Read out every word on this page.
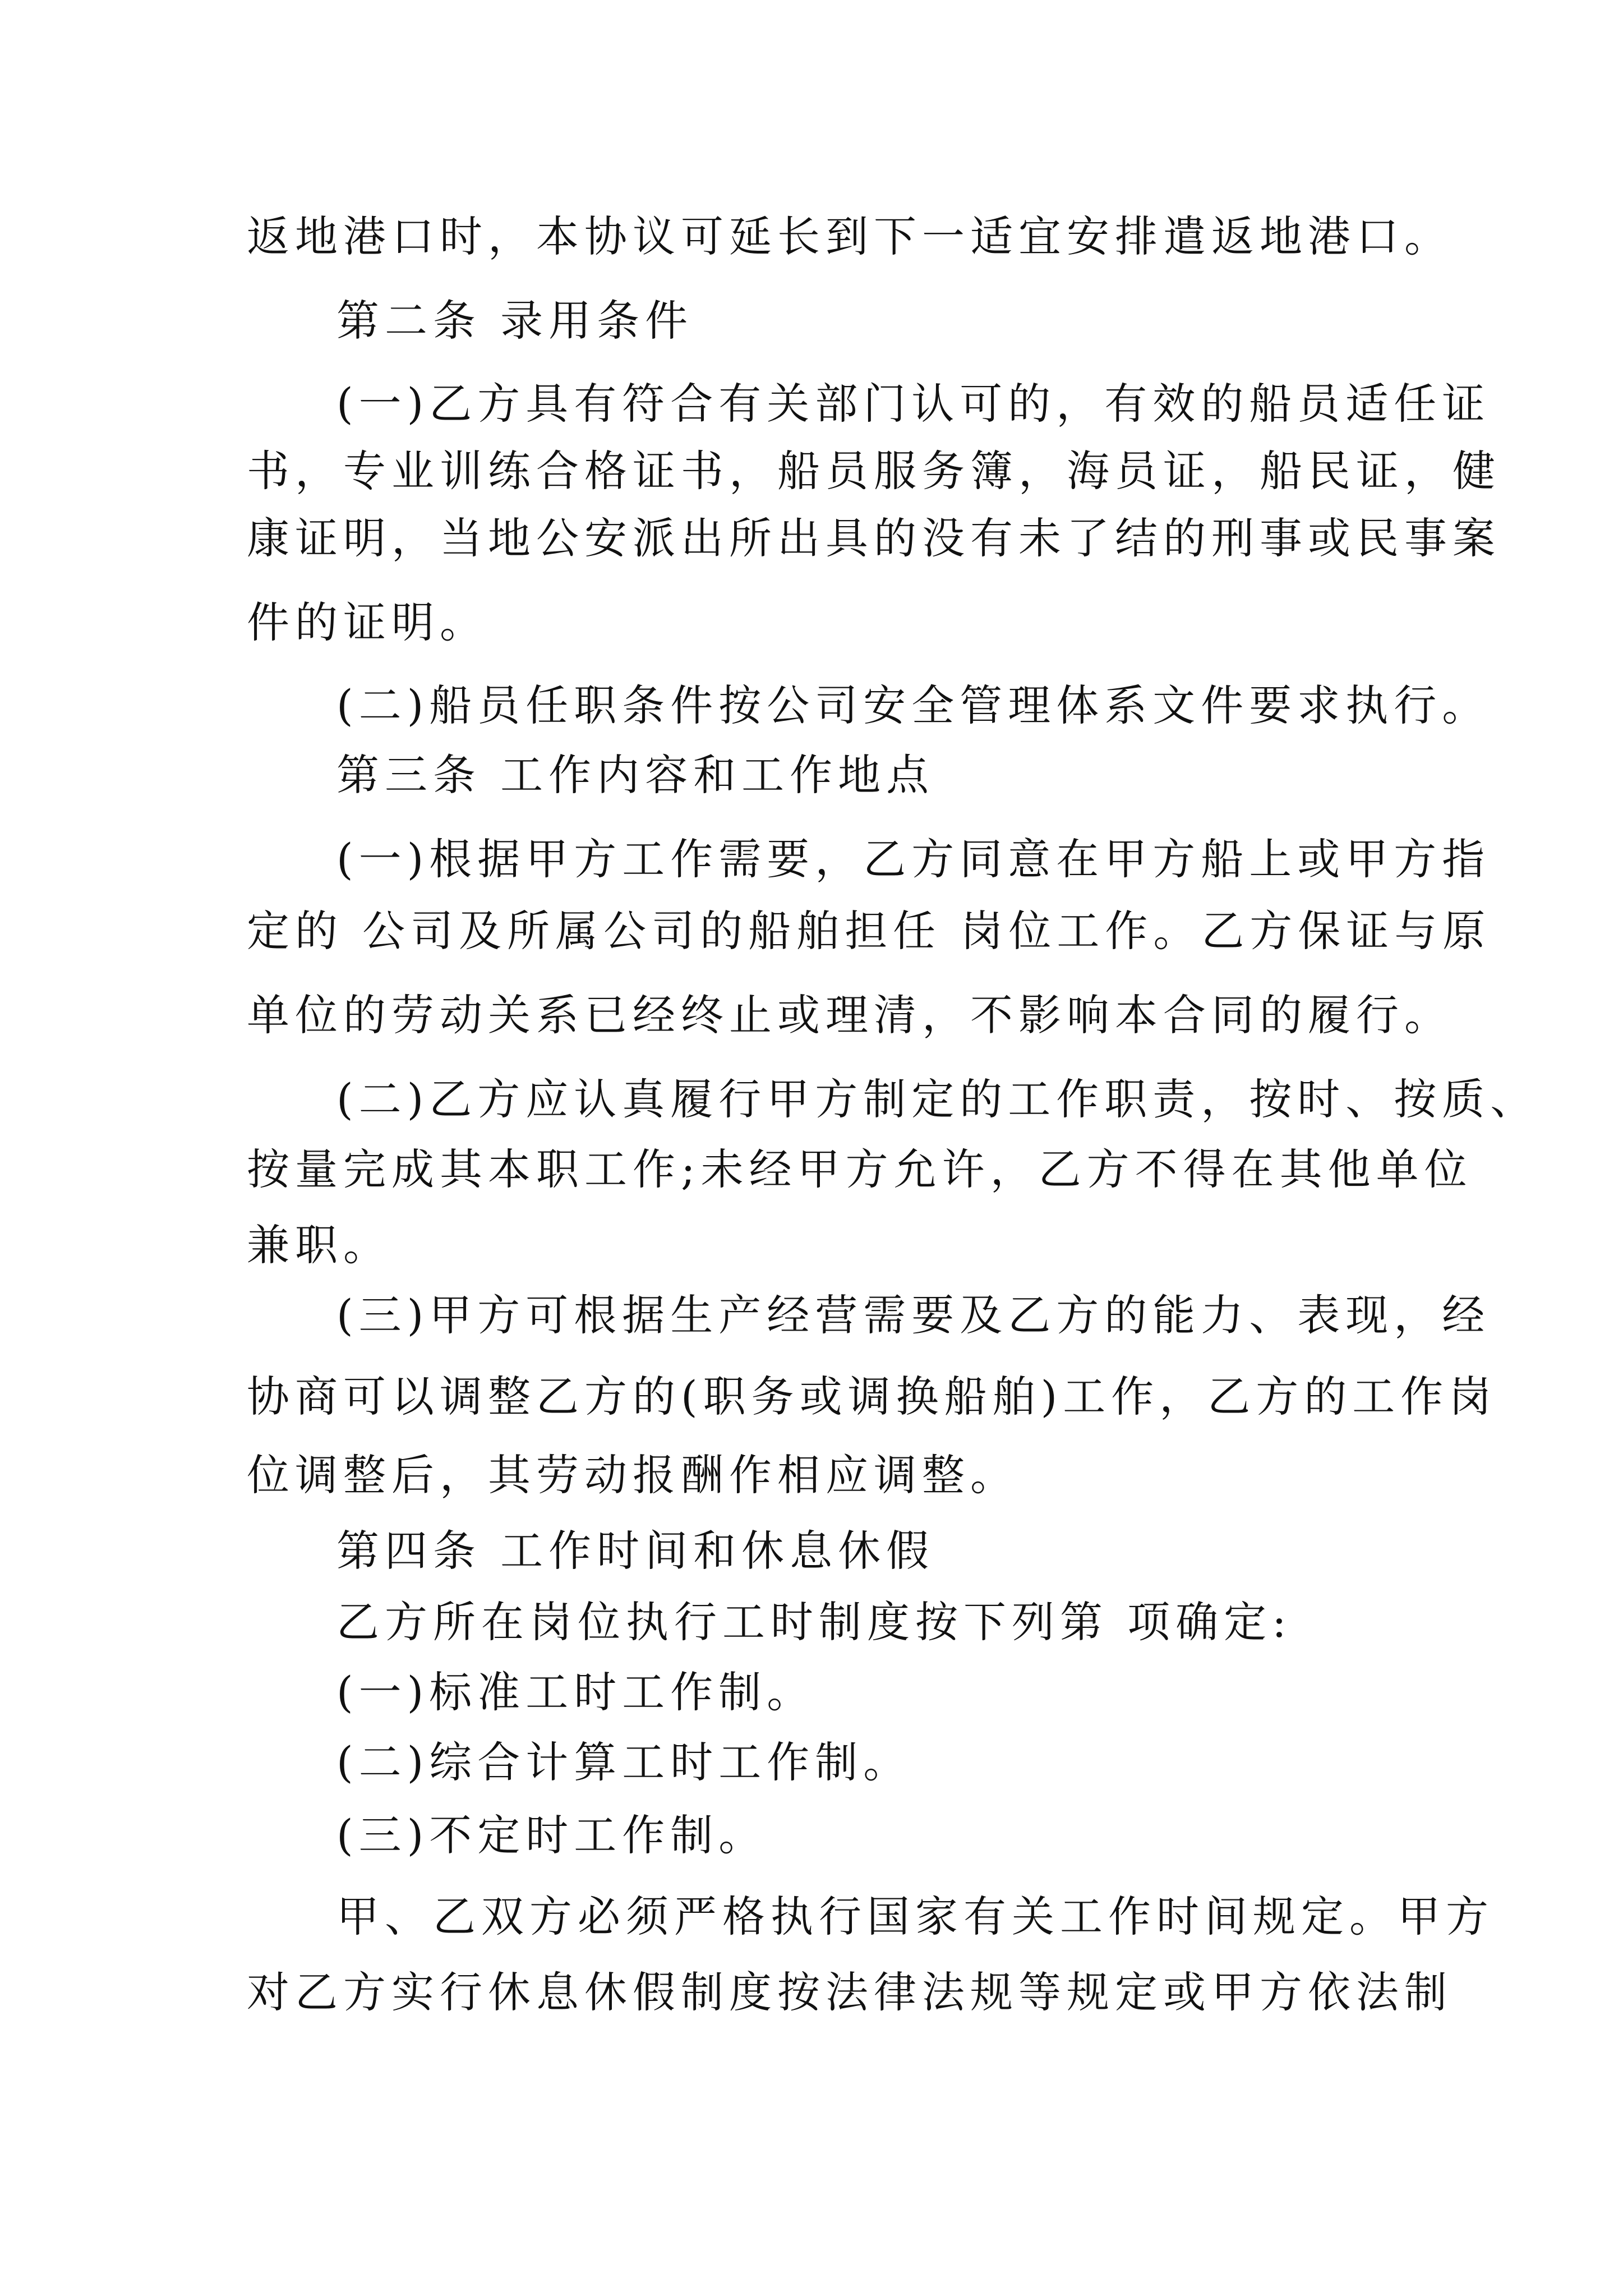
返地港口时，本协议可延长到下一适宜安排遣返地港口。
第二条 录用条件
(一)乙方具有符合有关部门认可的，有效的船员适任证
书，专业训练合格证书，船员服务簿，海员证，船民证，健
康证明，当地公安派出所出具的没有未了结的刑事或民事案
件的证明。
(二)船员任职条件按公司安全管理体系文件要求执行。
第三条 工作内容和工作地点
(一)根据甲方工作需要，乙方同意在甲方船上或甲方指
定的 公司及所属公司的船舶担任 岗位工作。乙方保证与原
单位的劳动关系已经终止或理清，不影响本合同的履行。
(二)乙方应认真履行甲方制定的工作职责，按时、按质、
按量完成其本职工作;未经甲方允许，乙方不得在其他单位
兼职。
(三)甲方可根据生产经营需要及乙方的能力、表现，经
协商可以调整乙方的(职务或调换船舶)工作，乙方的工作岗
位调整后，其劳动报酬作相应调整。
第四条 工作时间和休息休假
乙方所在岗位执行工时制度按下列第 项确定:
(一)标准工时工作制。
(二)综合计算工时工作制。
(三)不定时工作制。
甲、乙双方必须严格执行国家有关工作时间规定。甲方
对乙方实行休息休假制度按法律法规等规定或甲方依法制
